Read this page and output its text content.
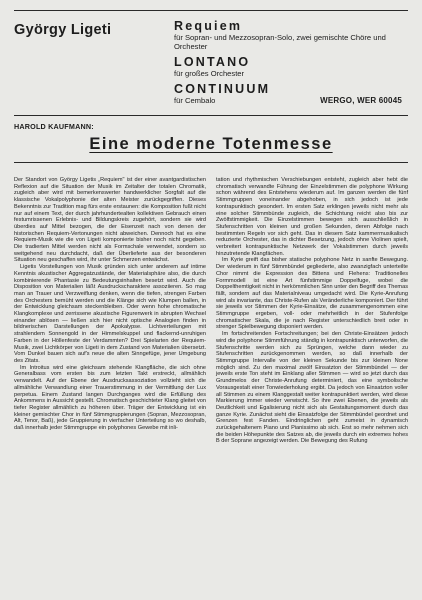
György Ligeti	Requiem
für Sopran- und Mezzosopran-Solo, zwei gemischte Chöre und Orchester
LONTANO
für großes Orchester
CONTINUUM
für Cembalo	WERGO, WER 60045
HAROLD KAUFMANN:
Eine moderne Totenmesse

Der Standort von György Ligetis „Requiem" ist der einer avantgardistischen Reflexion auf die Situation der Musik im Zeitalter der totalen Chromatik, zugleich aber wird mit bemerkenswerter handwerklicher Sorgfalt auf die klassische Vokalpolyphonie der alten Meister zurückgegriffen. Dieses Bekenntnis zur Tradition mag fürs erste erstaunen: die Komposition fußt nicht nur auf einem Text, der durch jahrhundertealten kollektiven Gebrauch einen festumrissenen Erlebnis- und Bildungskreis zugehört, sondern sie wird überdies auf Mittel bezogen, die der Eisenzeit nach von denen der historischen Requiem-Vertonungen nicht abweichen. Dennoch hat es eine Requiem-Musik wie die von Ligeti komponierte bisher noch nicht gegeben. Die tradierten Mittel werden nicht als Formschale verwendet, sondern so weitgehend neu durchdacht, daß der Überlieferte aus der besonderen Situation neu geschaffen wird, ihr unter Schmerzen entwächst.

Ligetis Vorstellungen von Musik gründen sich unter anderem auf intime Kenntnis akustischer Aggregatzustände, der Materialsphäre also, die durch kombinierende Phantasie zu Bedeutungsinhalten besetzt wird. Auch die Disposition von Materialien läßt Ausdruckscharaktere assoziieren. So mag man an Trauer und Verzweiflung denken, wenn die tiefen, strengen Farben des Orchesters bemüht werden und die Klänge sich wie Klumpen ballen, in der Entwicklung gleichsam steckenbleiben. Oder wenn hohe chromatische Klangkomplexe und zerrissene akustische Figurenwerk in abrupten Wechsel einander ablösen — ließen sich hier nicht optische Analogien finden in bildnerischen Darstellungen der Apokalypse. Lichtverteilungen mit strahlendem Sonnengold in der Himmelskuppel und flackernd-unruhigen Farben in der Höllenfeste der Verdammten? Drei Spielarten der Requiem-Musik, zwei Lichtkörper von Ligeti in dem Zustand von Materialien übersetzt. Vom Dunkel bauen sich auf's neue die alten Sinngefüge, jener Umgebung des Zitats.

Im Introitus wird eine gleichsam stehende Klangfläche, die sich ohne Generalbass vom ersten bis zum letzten Takt erstreckt, allmählich verwandelt. Auf der Ebene der Ausdrucksassoziation vollzieht sich die allmähliche Verwandlung einer Trauerstimmung in der Vermittlung der Lux perpetua. Einem Zustand langen Durchganges wird die Erfüllung des Ankommens in Aussicht gestellt. Chromatisch geschichteter Klang gleitet von tiefer Register allmählich zu höheren über. Träger der Entwicklung ist ein kleiner gemischter Chor in fünf Stimmgruppierungen (Sopran, Mezzosopran, Alt, Tenor, Baß), jede Gruppierung in vierfacher Unterteilung so wo deshalb, daß innerhalb jeder Stimmgruppe ein polyphones Gewebe mit inli-

tation und rhythmischen Verschiebungen entsteht, zugleich aber hebt die chromatisch verwandte Führung der Einzelstimmen die polyphone Wirkung schon während des Entstehens wiederum auf. Im ganzen werden die fünf Stimmgruppen voneinander abgehoben, in sich jedoch ist jede kontrapunktisch gesondert. Im ersten Satz erklingen jeweils nicht mehr als eine solcher Stimmbünde zugleich, die Schichtung reicht also bis zur Zwölfstimmigkeit. Die Einzelstimmen bewegen sich ausschließlich in Stufenschritten von kleinen und großen Sekunden, deren Abfolge nach bestimmten Regeln vor sich geht. Das in diesem Satz kammermusikalisch reduzierte Orchester, das in dichter Besetzung, jedoch ohne Violinen spielt, verbreitert kontrapunktische Netzwerk der Vokalstimmen durch jeweils hinzutretende Klangfächen.

Im Kyrie greift das bisher statische polyphone Netz in sanfte Bewegung. Der wiederum in fünf Stimmbündel gegliederte, also zwanzigfach unterteilte Chor nimmt die Expression des Bittens und Flehens: Traditionelles Formmodell ist eine Art fünfstimmige Doppelfuge, wobei die Doppelthemtigkeit nicht in herkömmlichen Sinn unter den Begriff des Themas fällt, sondern auf das Materialniveau umgedacht wird. Die Kyrie-Anrufung wird als invariante, das Christe-Rufen als Veränderliche komponiert. Der führt sie jeweils vor Stimmen der Kyrie-Einsätze, die zusammengenommen eine Stimmgruppe ergeben, voll- oder mehrheitlich in der Stufenfolge chromatischer Skala, die je nach Register unterschiedlich breit oder in strenger Spielbewegung disponiert werden.

Im fortschreitenden Fortschreitungen; bei den Christe-Einsätzen jedoch wird die polyphone Stimmführung ständig in kontrapunktisch unterworfen, die Stufenschritte werden sich zu Sprüngen, welche dann wieder zu Stufenschritten zurückgenommen werden, so daß innerhalb der Stimmgruppe Intervalle von der kleinen Sekunde bis zur kleinen None möglich sind. Zu den maximal zwölf Einsatzton der Stimmbündel — der jeweils erste Ton steht im Einklang aller Stimmen — wird so jetzt durch das Grundmelos der Christe-Anrufung determiniert, das eine symbolische Vorausgestalt einer Tonwiederholung ergibt. Da jedoch von Einsatzton voller all Stimmen zu einem Klanggestalt weiter kontrapunktiert werden, wird diese Markierung immer wieder verwischt. So ihre zwei Ebenen, die jeweils als Deutlichkeit und Egalisierung nicht sich als Gestaltungsmoment durch das ganze Kyrie. Zunächst sieht die Einsatzfolge der Stimmbündel geordnet und Grenzen fest Fanden. Eindringlichen geht zumeist in dynamisch zurückgehaltenem Piano und Pianissimo ab sich. Erst so mehr nehmen sich die beiden Höhepunkte des Satzes ab, die jeweils durch ein extremes hohes B der Soprane angezeigt werden. Die Bewegung des Rufung
